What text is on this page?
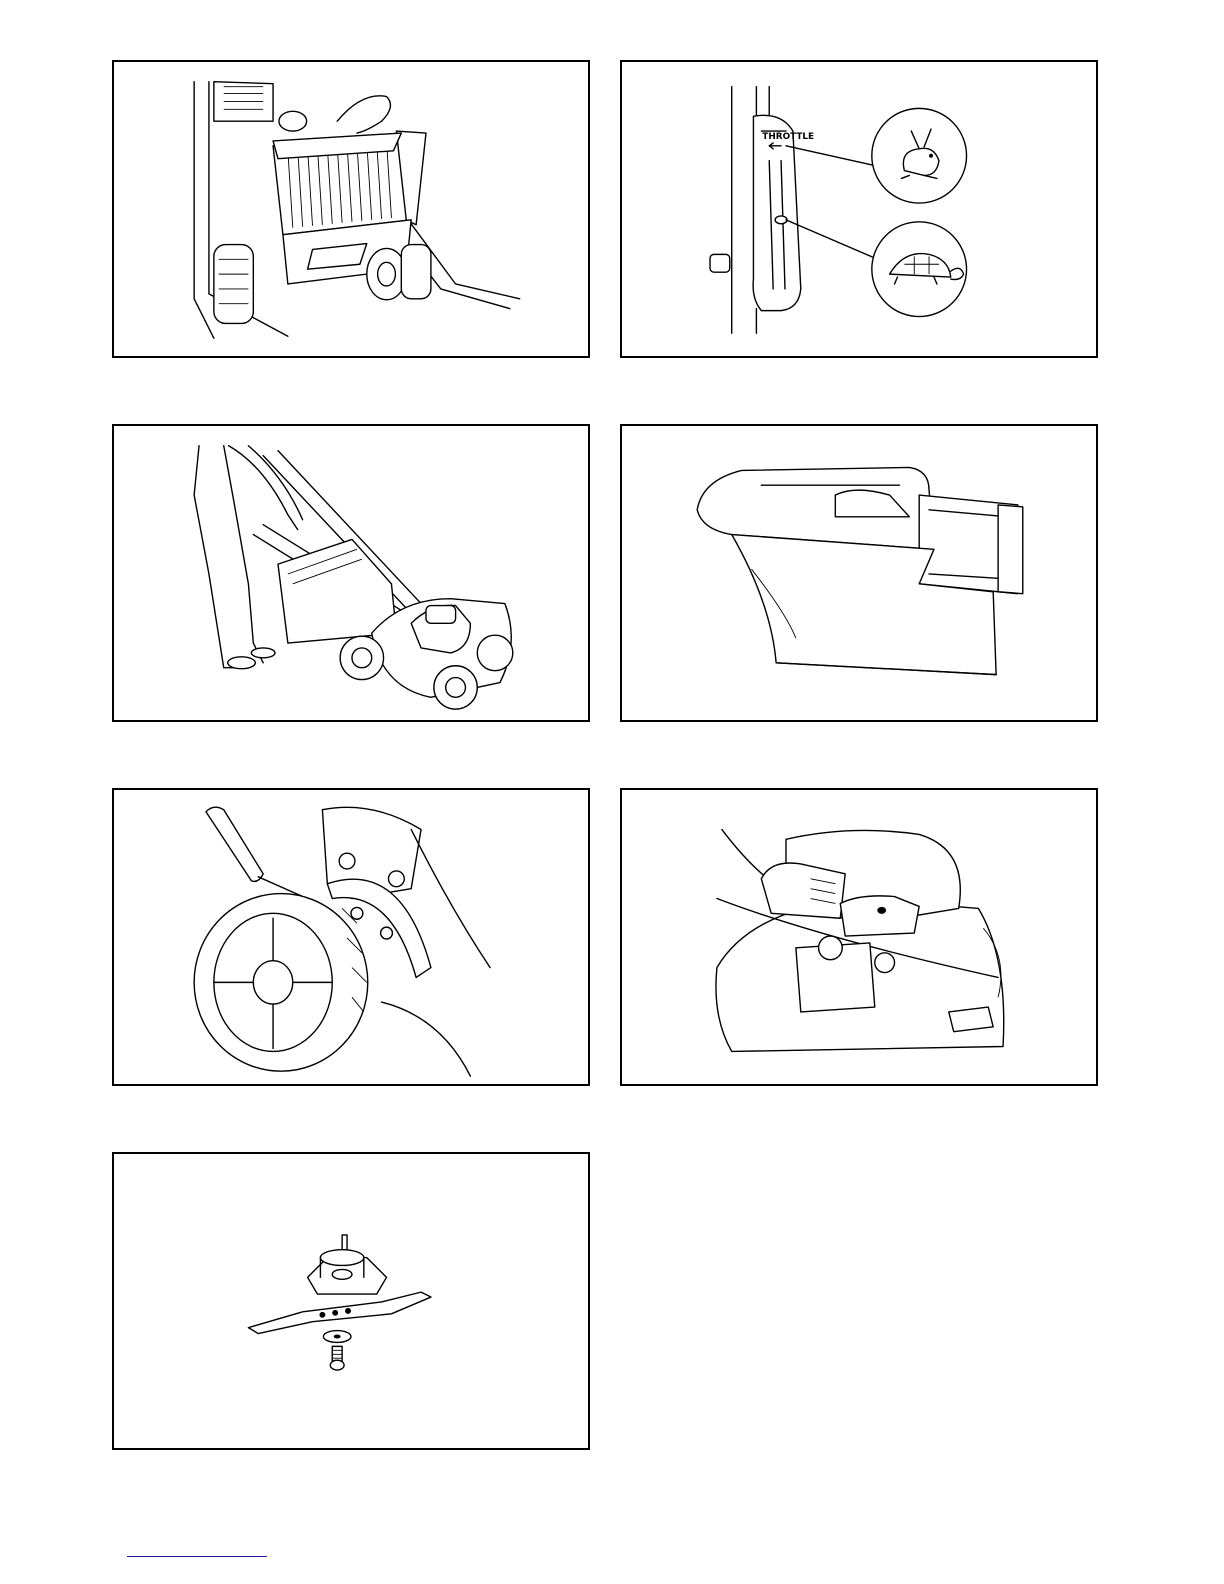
THROTTLE
